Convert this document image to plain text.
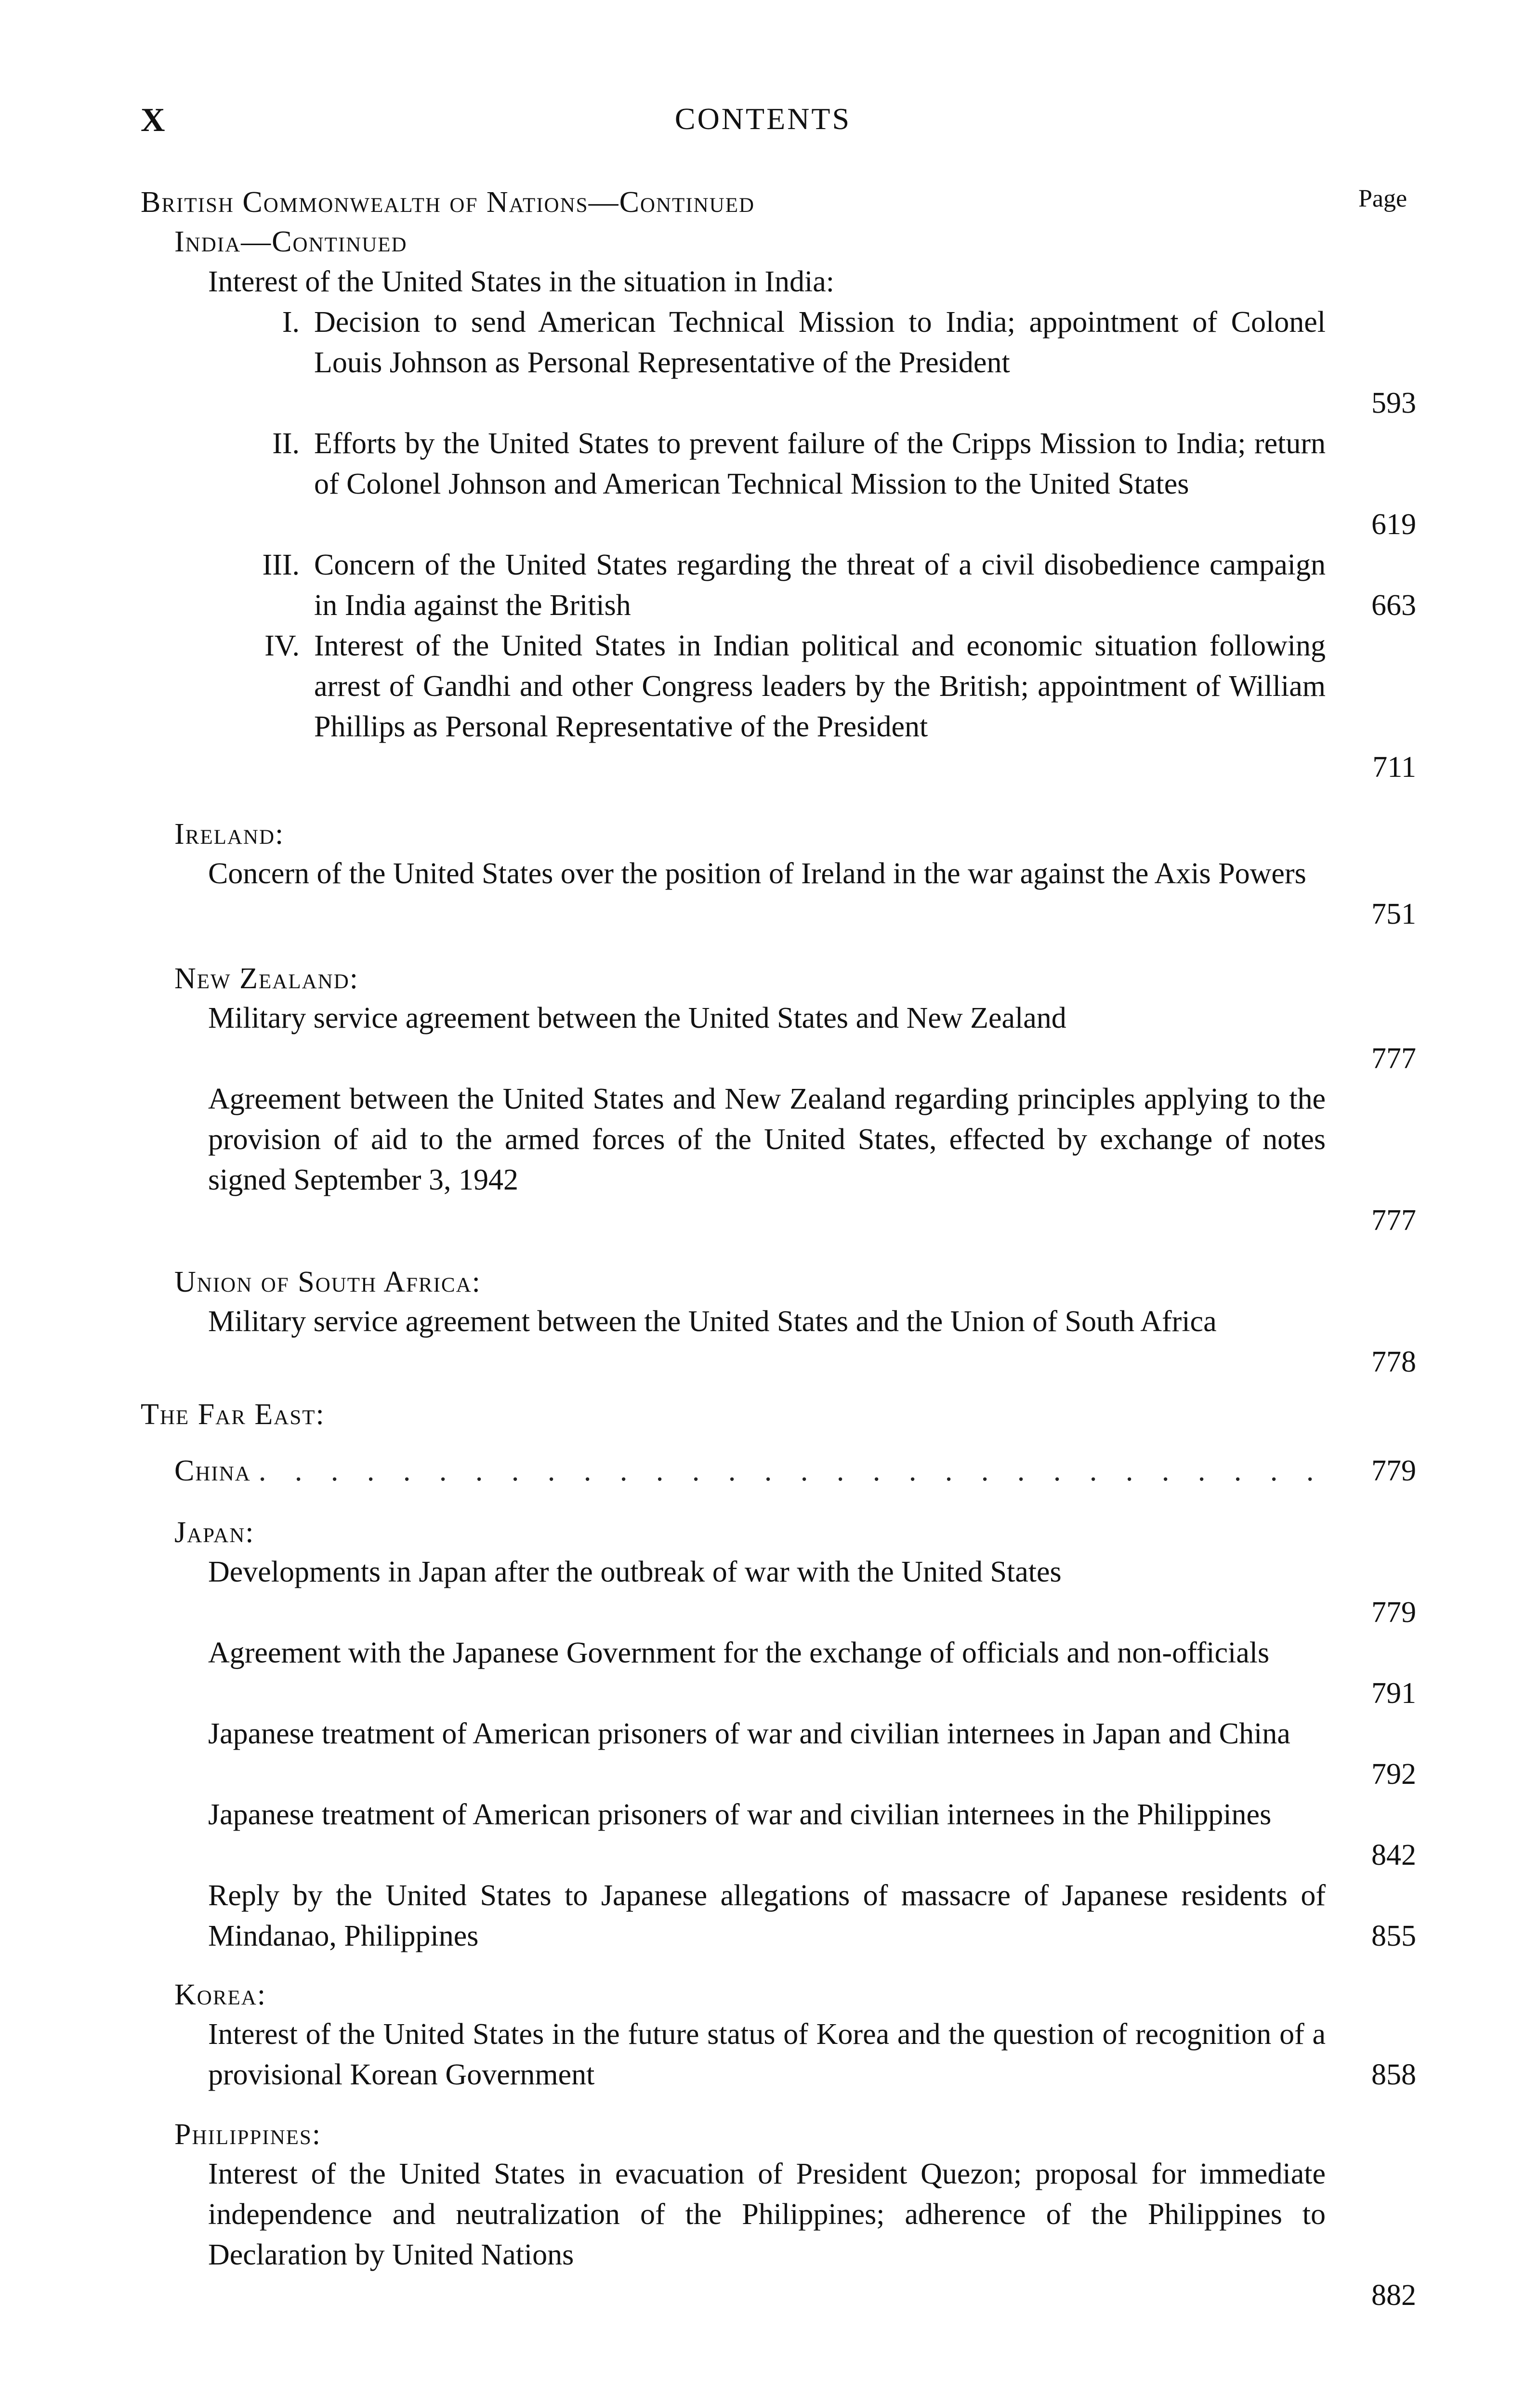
X	CONTENTS
British Commonwealth of Nations—Continued	Page
India—Continued
Interest of the United States in the situation in India:
I. Decision to send American Technical Mission to India; appointment of Colonel Louis Johnson as Personal Representative of the President
593
II. Efforts by the United States to prevent failure of the Cripps Mission to India; return of Colonel Johnson and American Technical Mission to the United States
619
III. Concern of the United States regarding the threat of a civil disobedience campaign in India against the British	663
IV. Interest of the United States in Indian political and economic situation following arrest of Gandhi and other Congress leaders by the British; appointment of William Phillips as Personal Representative of the President
711
Ireland:
Concern of the United States over the position of Ireland in the war against the Axis Powers
751
New Zealand:
Military service agreement between the United States and New Zealand
777
Agreement between the United States and New Zealand regarding principles applying to the provision of aid to the armed forces of the United States, effected by exchange of notes signed September 3, 1942
777
Union of South Africa:
Military service agreement between the United States and the Union of South Africa
778
The Far East:
China . . .	779
Japan:
Developments in Japan after the outbreak of war with the United States
779
Agreement with the Japanese Government for the exchange of officials and non-officials
791
Japanese treatment of American prisoners of war and civilian internees in Japan and China
792
Japanese treatment of American prisoners of war and civilian internees in the Philippines
842
Reply by the United States to Japanese allegations of massacre of Japanese residents of Mindanao, Philippines	855
Korea:
Interest of the United States in the future status of Korea and the question of recognition of a provisional Korean Government	858
Philippines:
Interest of the United States in evacuation of President Quezon; proposal for immediate independence and neutralization of the Philippines; adherence of the Philippines to Declaration by United Nations
882
